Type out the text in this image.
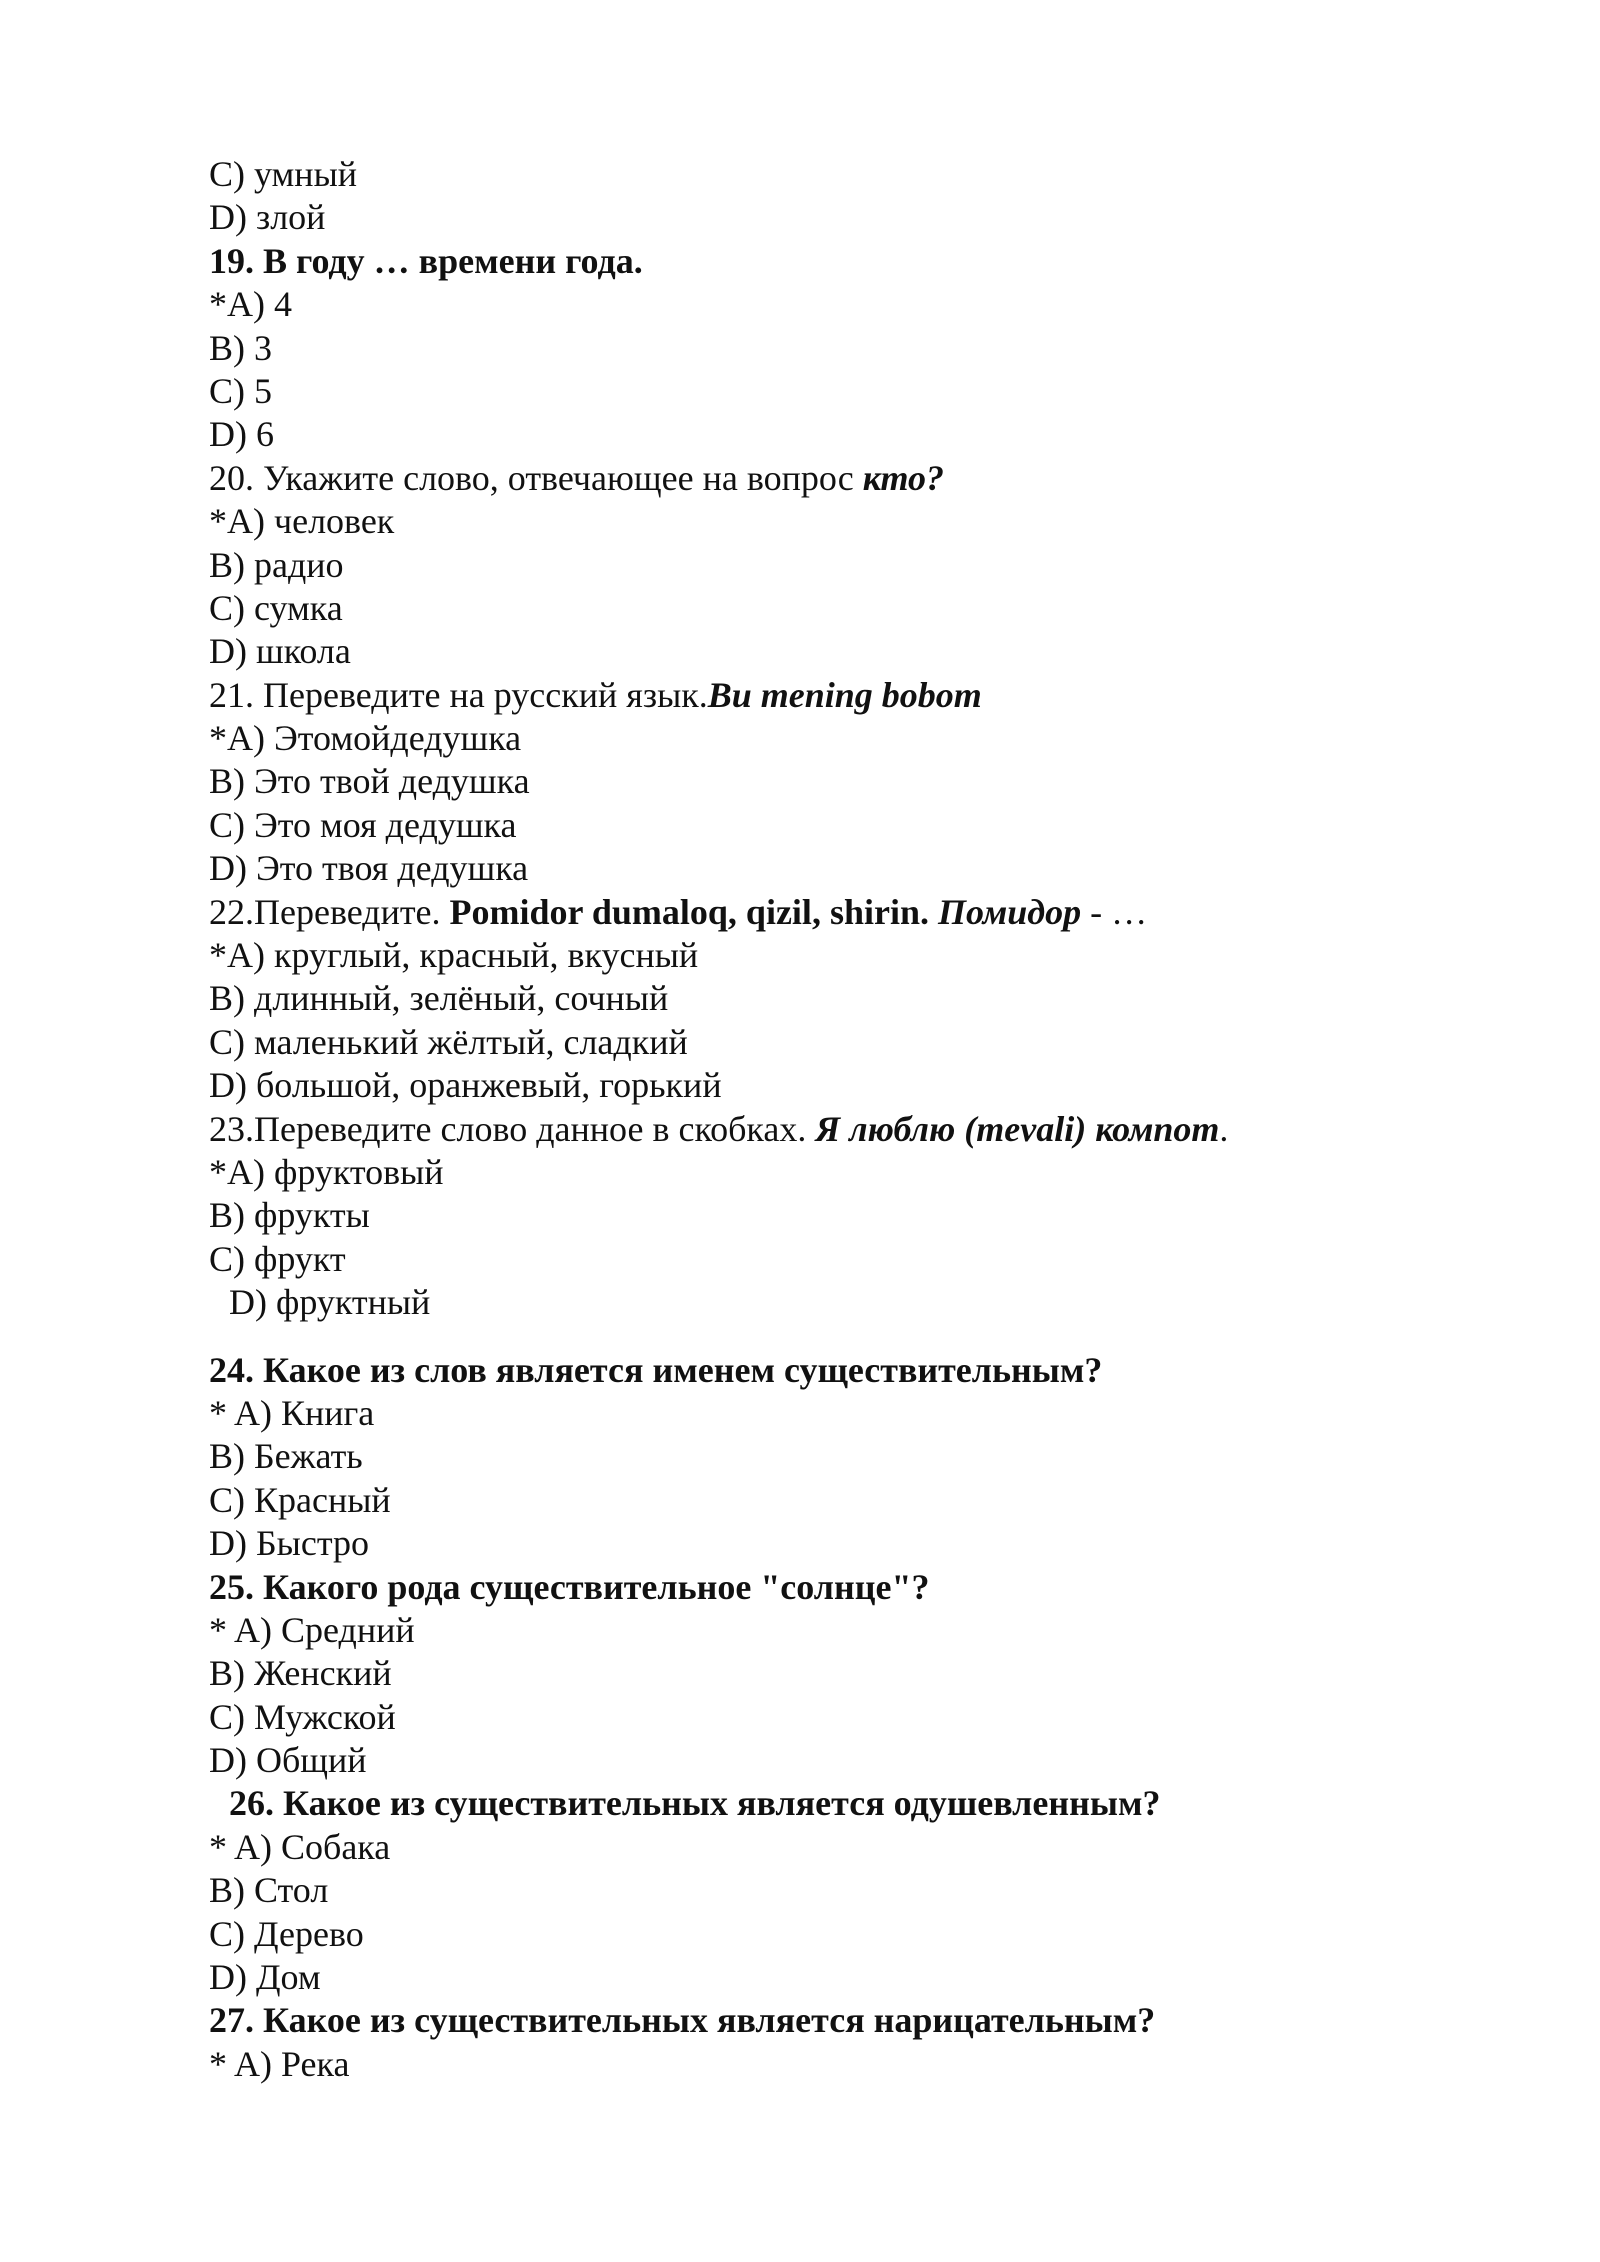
C) умный
D) злой
19. В году … времени года.
*A) 4
B) 3
C) 5
D) 6
20. Укажите слово, отвечающее на вопрос кто?
*A) человек
B) радио
C) сумка
D) школа
21. Переведите на русский язык.Bu mening bobom
*A) Этомойдедушка
B) Это твой дедушка
C) Это моя дедушка
D) Это твоя дедушка
22.Переведите. Pomidor dumaloq, qizil, shirin. Помидор - …
*A) круглый, красный, вкусный
B) длинный, зелёный, сочный
C) маленький жёлтый, сладкий
D) большой, оранжевый, горький
23.Переведите слово данное в скобках. Я люблю (mevali) компот.
*A) фруктовый
B) фрукты
C) фрукт
D) фруктный
24. Какое из слов является именем существительным?
* A) Книга
B) Бежать
C) Красный
D) Быстро
25. Какого рода существительное "солнце"?
* A) Средний
B) Женский
C) Мужской
D) Общий
26. Какое из существительных является одушевленным?
* A) Собака
B) Стол
C) Дерево
D) Дом
27. Какое из существительных является нарицательным?
* A) Река
